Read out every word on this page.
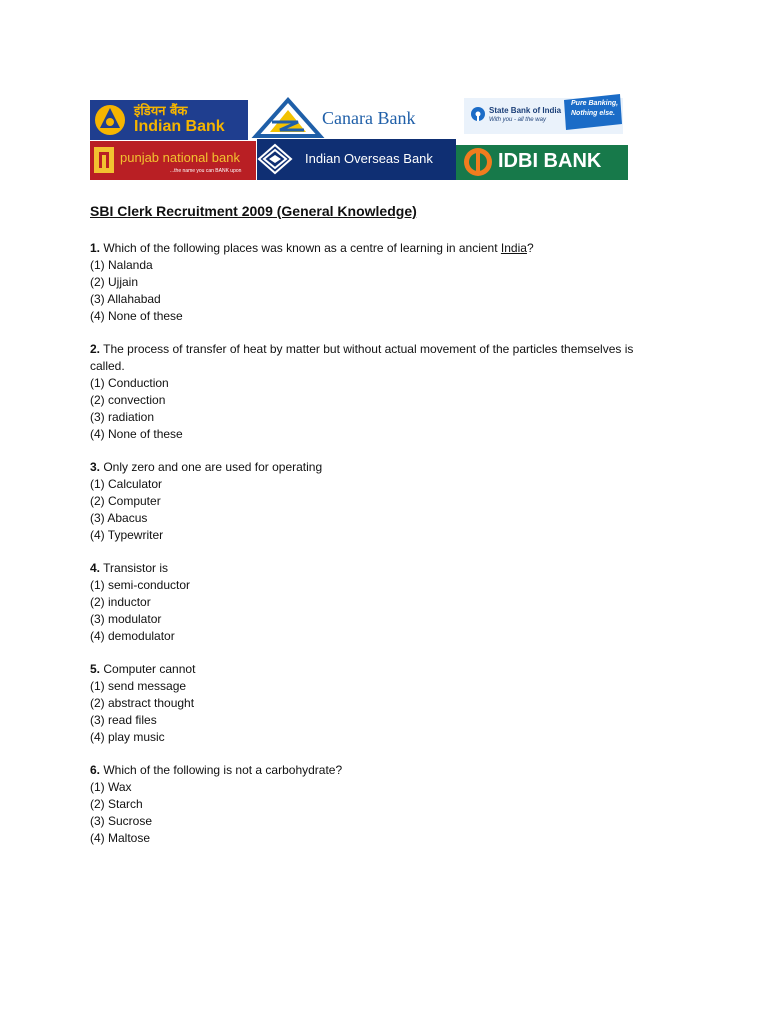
इंडियन बैंक
Indian Bank	Canara Bank	State Bank of India
With you - all the way
Pure Banking,
Nothing else.
punjab national bank
...the name you can BANK upon
Indian Overseas Bank	IDBI BANK
SBI Clerk Recruitment 2009 (General Knowledge)

1. Which of the following places was known as a centre of learning in ancient India?

(1) Nalanda

(2) Ujjain

(3) Allahabad

(4) None of these

2. The process of transfer of heat by matter but without actual movement of the particles themselves is

called.

(1) Conduction

(2) convection

(3) radiation

(4) None of these

3. Only zero and one are used for operating

(1) Calculator

(2) Computer

(3) Abacus

(4) Typewriter

4. Transistor is

(1) semi-conductor

(2) inductor

(3) modulator

(4) demodulator

5. Computer cannot

(1) send message

(2) abstract thought

(3) read files

(4) play music

6. Which of the following is not a carbohydrate?

(1) Wax

(2) Starch

(3) Sucrose

(4) Maltose
